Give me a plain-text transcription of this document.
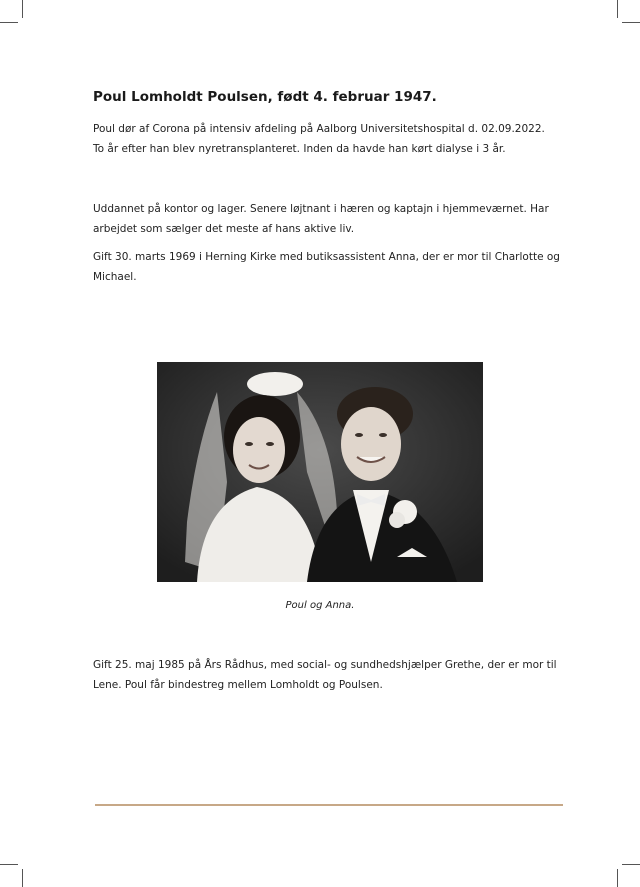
Poul Lomholdt Poulsen, født 4. februar 1947.

Poul dør af Corona på intensiv afdeling på Aalborg Universitetshospital d. 02.09.2022.
To år efter han blev nyretransplanteret. Inden da havde han kørt dialyse i 3 år.

Uddannet på kontor og lager. Senere løjtnant i hæren og kaptajn i hjemmeværnet. Har
arbejdet som sælger det meste af hans aktive liv.

Gift 30. marts 1969 i Herning Kirke med butiksassistent Anna, der er mor til Charlotte og
Michael.

Poul og Anna.

Gift 25. maj 1985 på Års Rådhus, med social- og sundhedshjælper Grethe, der er mor til
Lene. Poul får bindestreg mellem Lomholdt og Poulsen.
